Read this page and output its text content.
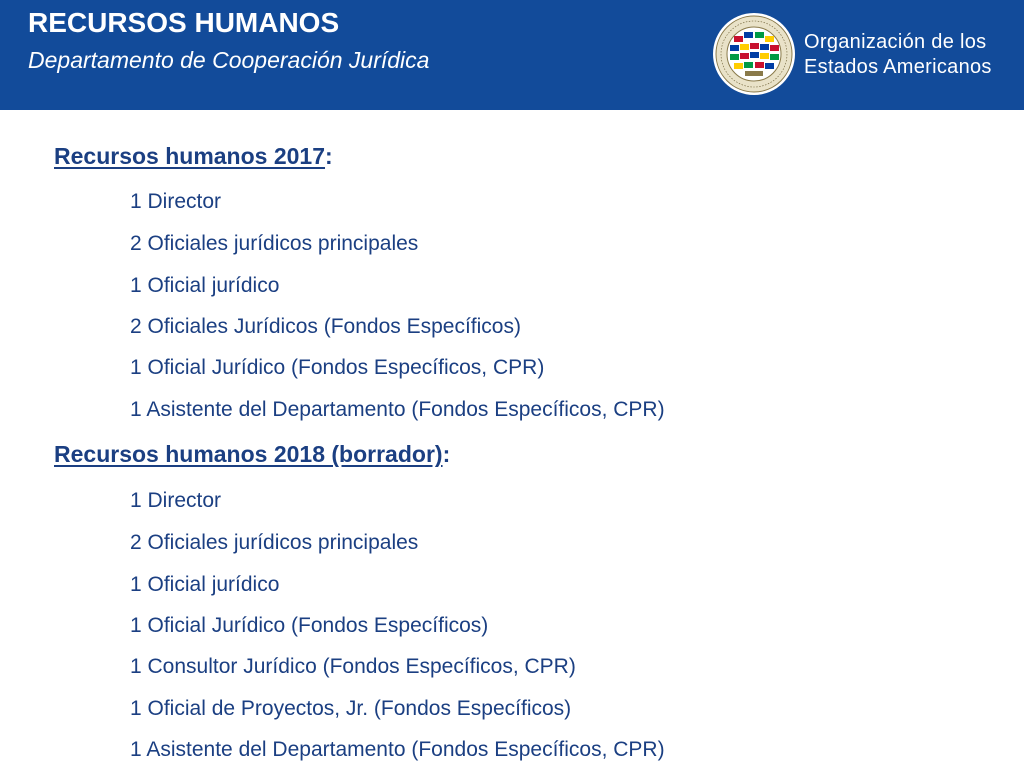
RECURSOS HUMANOS
Departamento de Cooperación Jurídica
Organización de los
Estados Americanos
Recursos humanos 2017:
1 Director
2 Oficiales jurídicos principales
1 Oficial jurídico
2 Oficiales Jurídicos (Fondos Específicos)
1 Oficial Jurídico (Fondos Específicos, CPR)
1 Asistente del Departamento (Fondos Específicos, CPR)
Recursos humanos 2018 (borrador):
1 Director
2 Oficiales jurídicos principales
1 Oficial jurídico
1 Oficial Jurídico (Fondos Específicos)
1 Consultor Jurídico (Fondos Específicos, CPR)
1 Oficial de Proyectos, Jr. (Fondos Específicos)
1 Asistente del Departamento (Fondos Específicos, CPR)
